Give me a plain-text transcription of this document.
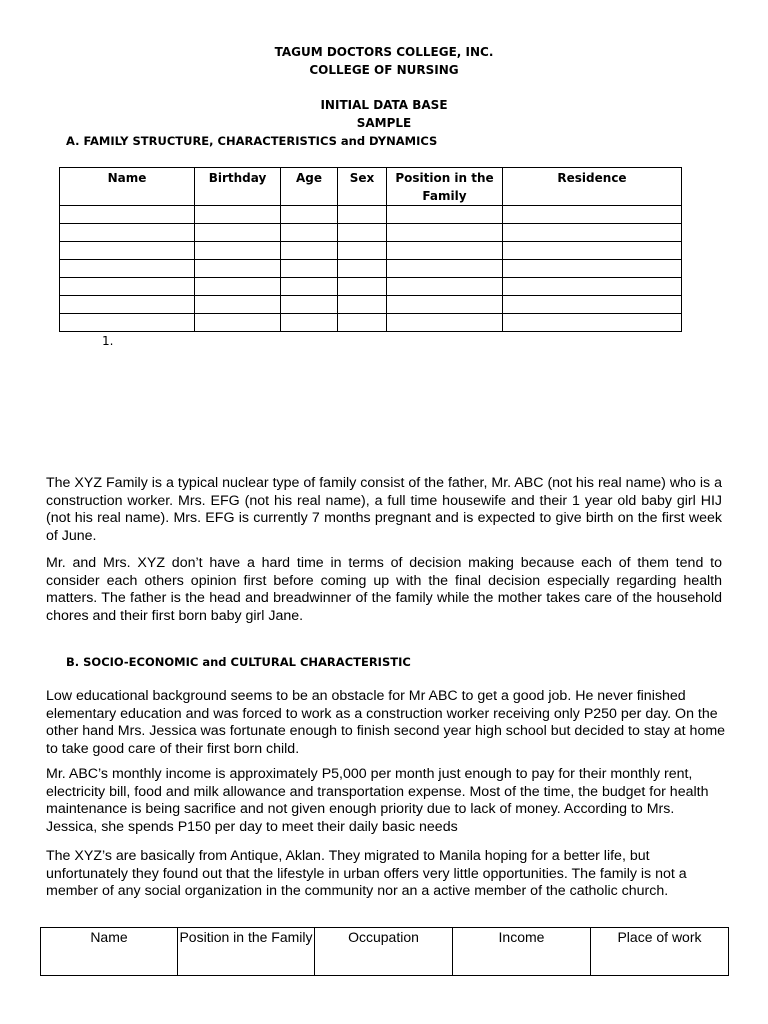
TAGUM DOCTORS COLLEGE, INC.
COLLEGE OF NURSING
INITIAL DATA BASE
SAMPLE
A. FAMILY STRUCTURE, CHARACTERISTICS and DYNAMICS
Name	Birthday	Age	Sex	Position in the Family	Residence

1.

The XYZ Family is a typical nuclear type of family consist of the father, Mr. ABC (not his real name) who is a construction worker. Mrs. EFG (not his real name), a full time housewife and their 1 year old baby girl HIJ (not his real name). Mrs. EFG is currently 7 months pregnant and is expected to give birth on the first week of June.

Mr. and Mrs. XYZ don’t have a hard time in terms of decision making because each of them tend to consider each others opinion first before coming up with the final decision especially regarding health matters. The father is the head and breadwinner of the family while the mother takes care of the household chores and their first born baby girl Jane.

B. SOCIO-ECONOMIC and CULTURAL CHARACTERISTIC

Low educational background seems to be an obstacle for Mr ABC to get a good job. He never finished elementary education and was forced to work as a construction worker receiving only P250 per day. On the other hand Mrs. Jessica was fortunate enough to finish second year high school but decided to stay at home to take good care of their first born child.

Mr. ABC’s monthly income is approximately P5,000 per month just enough to pay for their monthly rent, electricity bill, food and milk allowance and transportation expense. Most of the time, the budget for health maintenance is being sacrifice and not given enough priority due to lack of money. According to Mrs. Jessica, she spends P150 per day to meet their daily basic needs

The XYZ’s are basically from Antique, Aklan. They migrated to Manila hoping for a better life, but unfortunately they found out that the lifestyle in urban offers very little opportunities. The family is not a member of any social organization in the community nor an a active member of the catholic church.

Name	Position in the Family	Occupation	Income	Place of work
